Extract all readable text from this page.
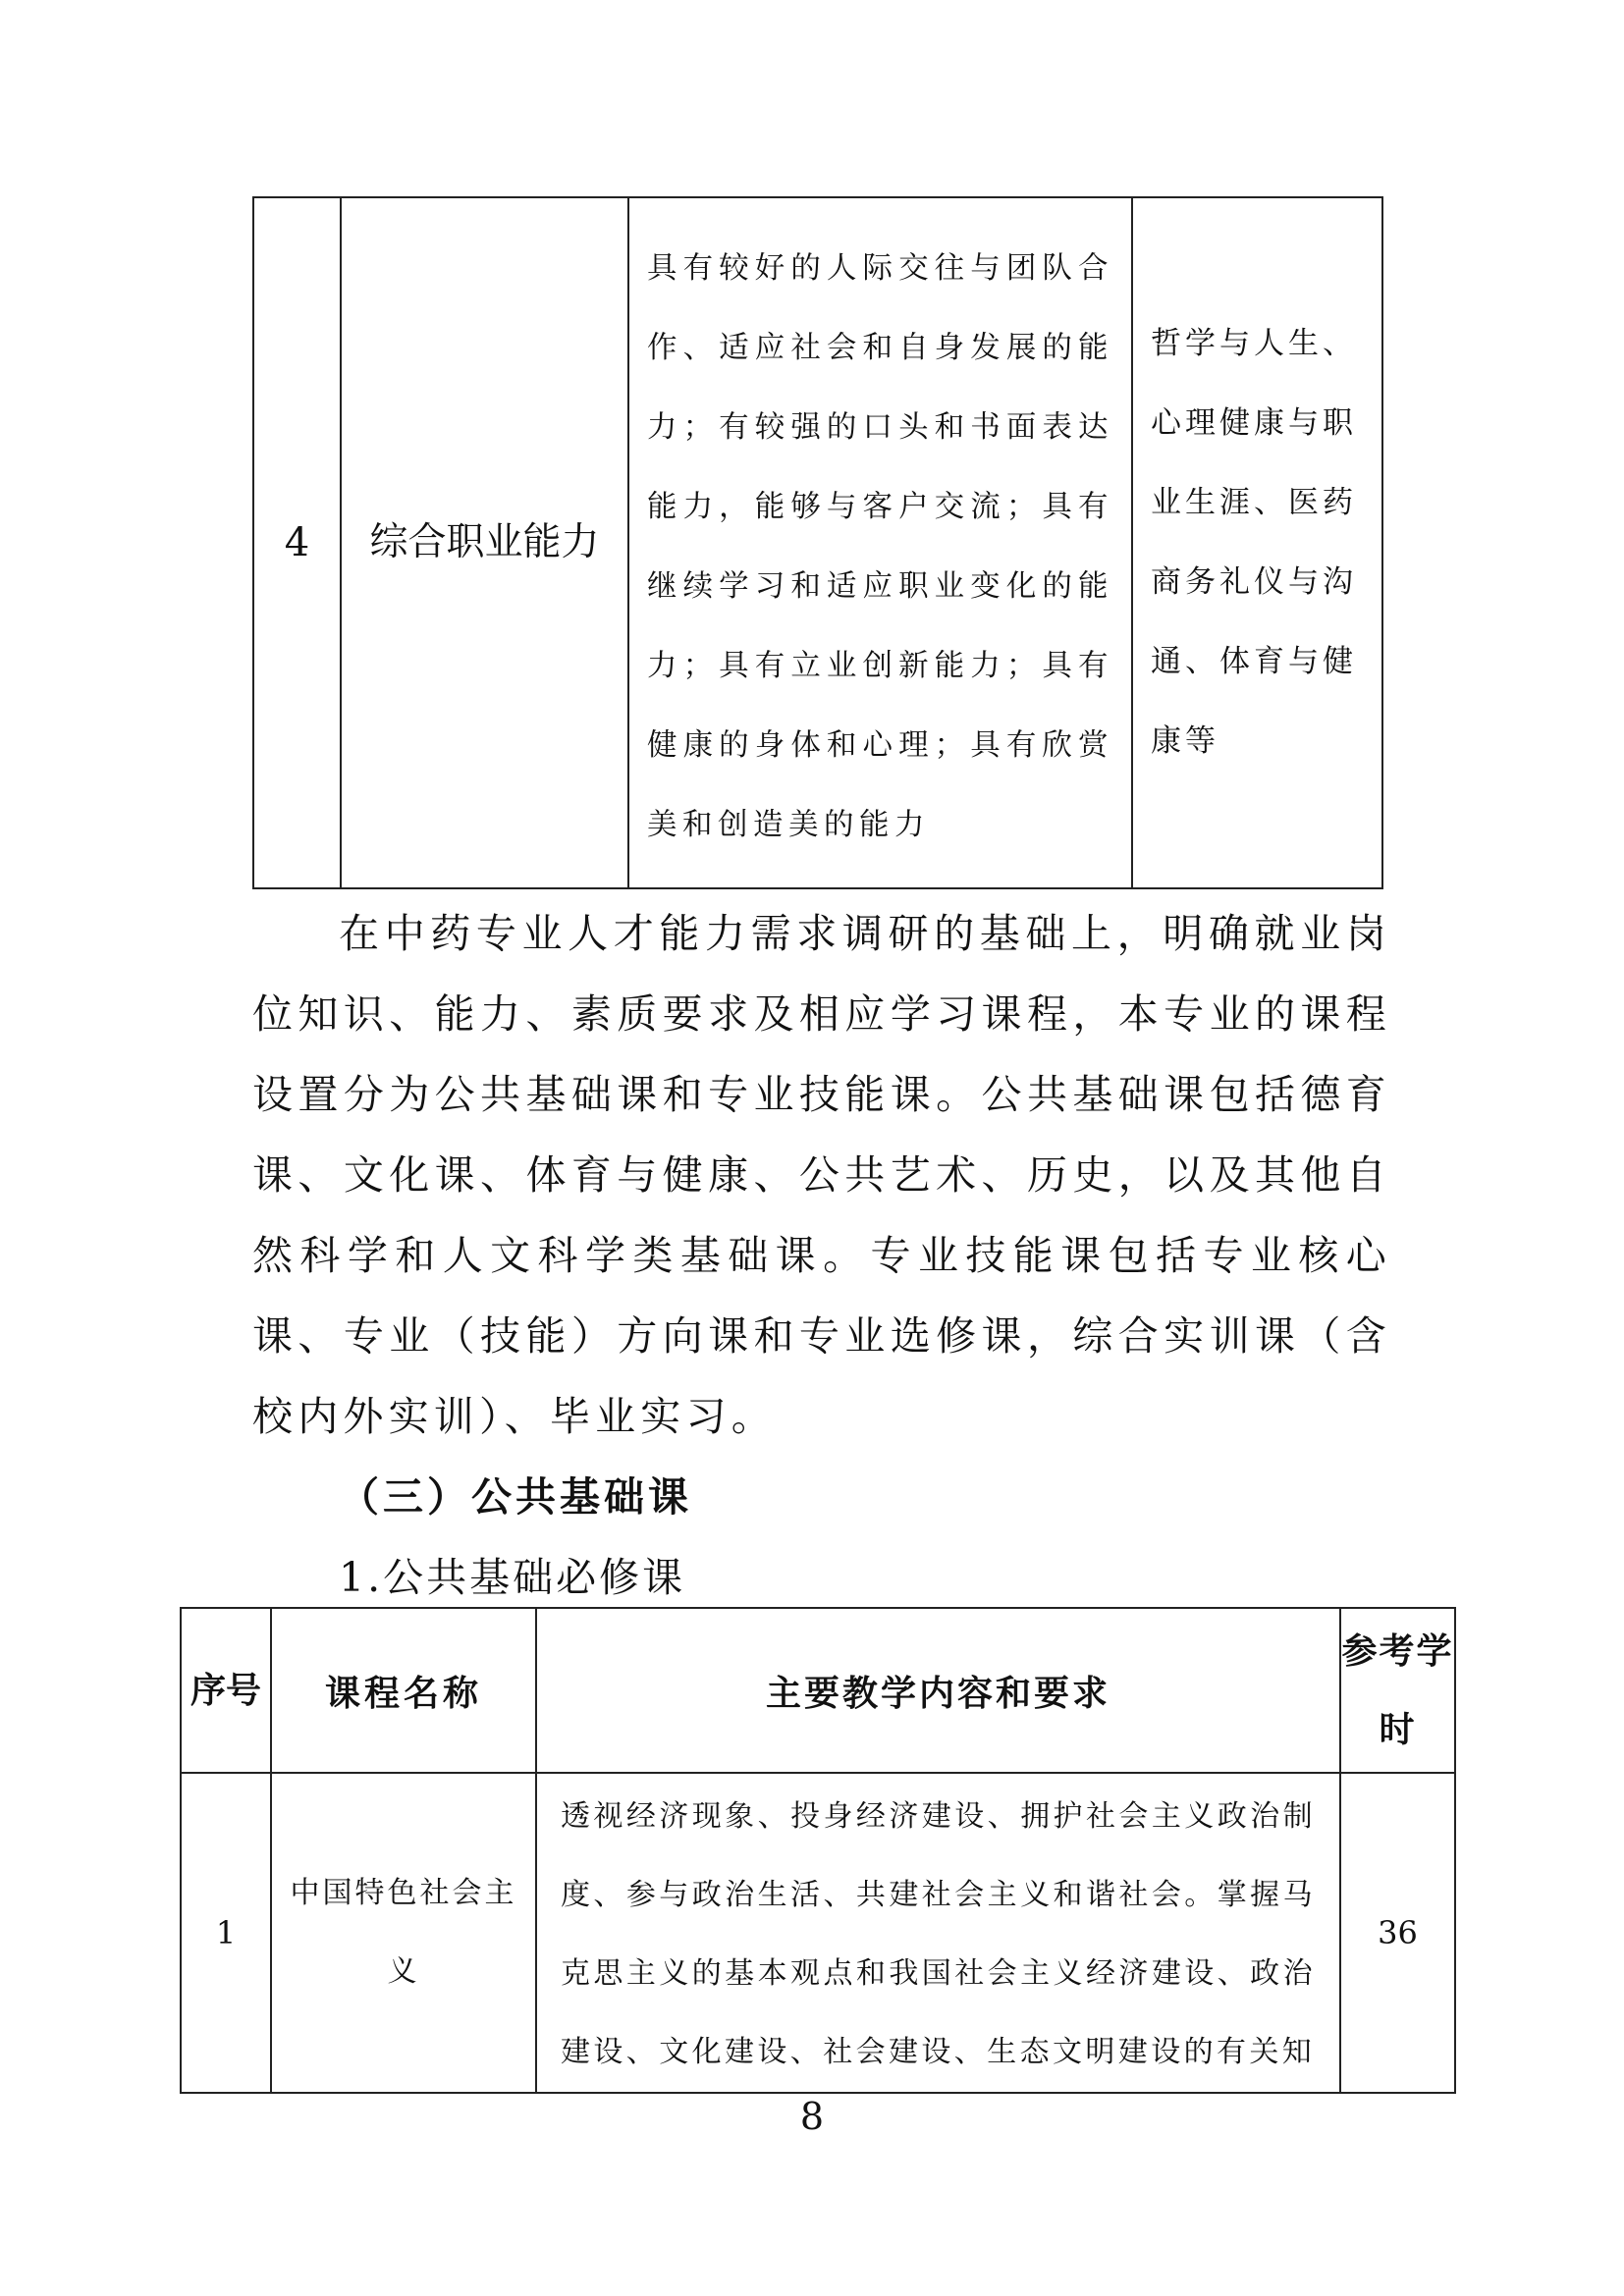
4	综合职业能力	具有较好的人际交往与团队合作、适应社会和自身发展的能力；有较强的口头和书面表达能力，能够与客户交流；具有继续学习和适应职业变化的能力；具有立业创新能力；具有健康的身体和心理；具有欣赏美和创造美的能力	哲学与人生、心理健康与职业生涯、医药商务礼仪与沟通、体育与健康等

在中药专业人才能力需求调研的基础上，明确就业岗位知识、能力、素质要求及相应学习课程，本专业的课程设置分为公共基础课和专业技能课。公共基础课包括德育课、文化课、体育与健康、公共艺术、历史，以及其他自然科学和人文科学类基础课。专业技能课包括专业核心课、专业（技能）方向课和专业选修课，综合实训课（含校内外实训）、毕业实习。

（三）公共基础课

1.公共基础必修课

序号	课程名称	主要教学内容和要求	参考学时
1	中国特色社会主义	透视经济现象、投身经济建设、拥护社会主义政治制度、参与政治生活、共建社会主义和谐社会。掌握马克思主义的基本观点和我国社会主义经济建设、政治建设、文化建设、社会建设、生态文明建设的有关知	36

8
